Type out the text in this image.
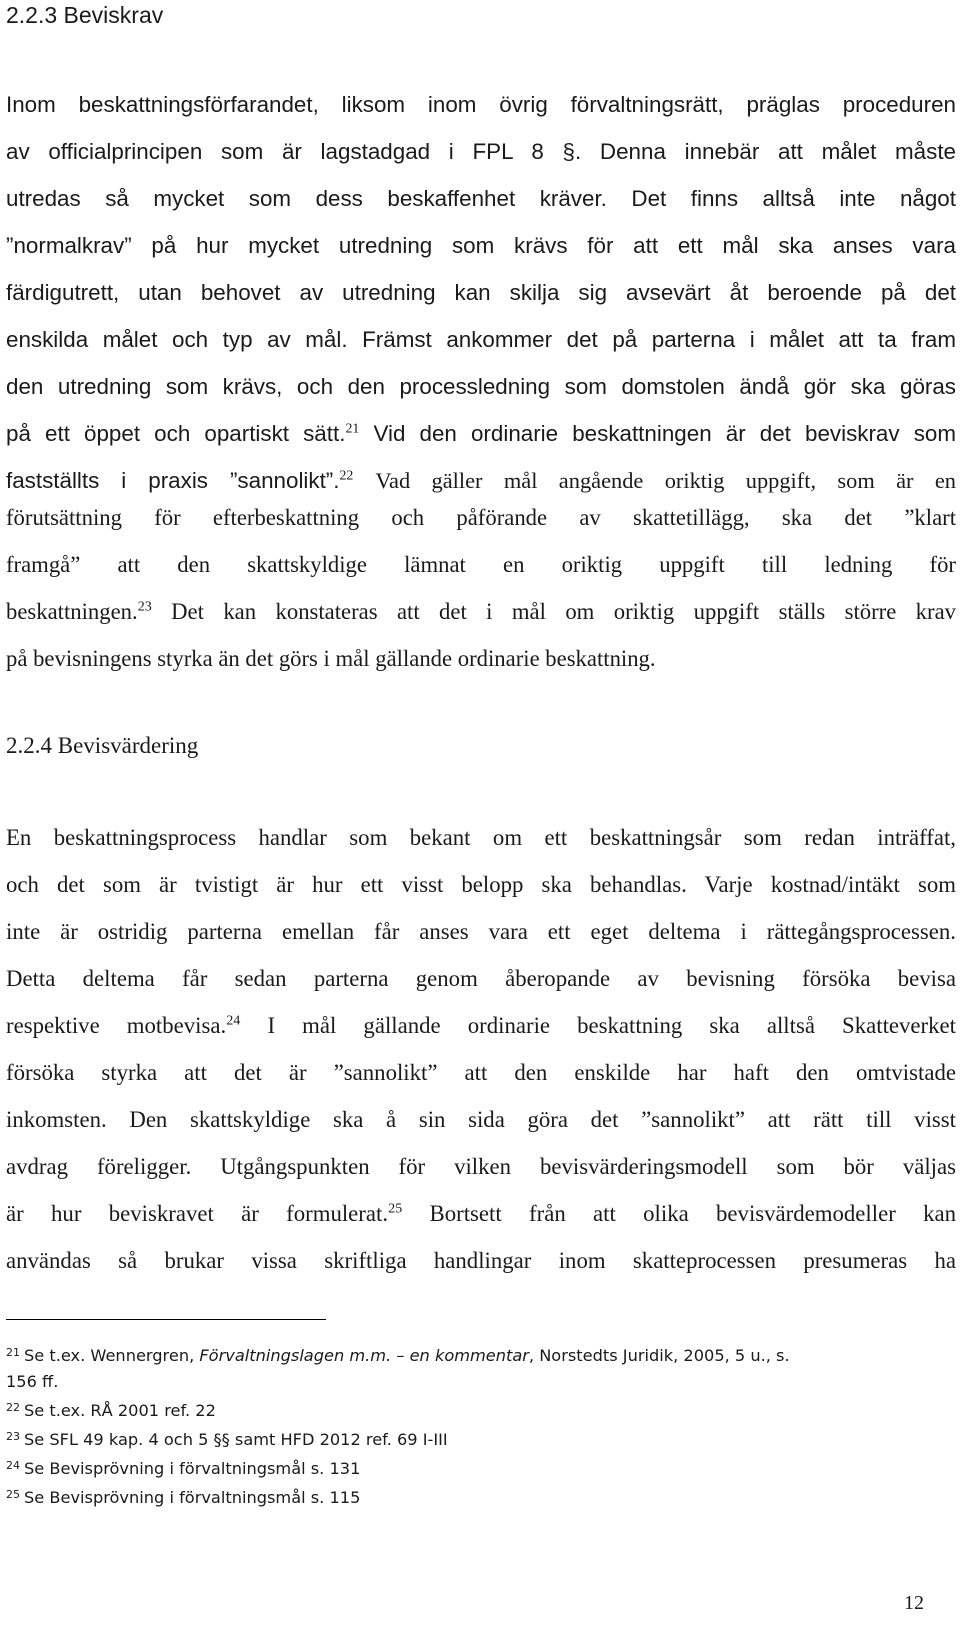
2.2.3 Beviskrav
Inom beskattningsförfarandet, liksom inom övrig förvaltningsrätt, präglas proceduren
av officialprincipen som är lagstadgad i FPL 8 §. Denna innebär att målet måste
utredas så mycket som dess beskaffenhet kräver. Det finns alltså inte något
”normalkrav” på hur mycket utredning som krävs för att ett mål ska anses vara
färdigutrett, utan behovet av utredning kan skilja sig avsevärt åt beroende på det
enskilda målet och typ av mål. Främst ankommer det på parterna i målet att ta fram
den utredning som krävs, och den processledning som domstolen ändå gör ska göras
på ett öppet och opartiskt sätt.$^{21}$ Vid den ordinarie beskattningen är det beviskrav som
fastställts i praxis ”sannolikt”.$^{22}$ Vad gäller mål angående oriktig uppgift, som är en
förutsättning för efterbeskattning och påförande av skattetillägg, ska det ”klart
framgå” att den skattskyldige lämnat en oriktig uppgift till ledning för
beskattningen.$^{23}$ Det kan konstateras att det i mål om oriktig uppgift ställs större krav
på bevisningens styrka än det görs i mål gällande ordinarie beskattning.
2.2.4 Bevisvärdering
En beskattningsprocess handlar som bekant om ett beskattningsår som redan inträffat,
och det som är tvistigt är hur ett visst belopp ska behandlas. Varje kostnad/intäkt som
inte är ostridig parterna emellan får anses vara ett eget deltema i rättegångsprocessen.
Detta deltema får sedan parterna genom åberopande av bevisning försöka bevisa
respektive motbevisa.$^{24}$ I mål gällande ordinarie beskattning ska alltså Skatteverket
försöka styrka att det är ”sannolikt” att den enskilde har haft den omtvistade
inkomsten. Den skattskyldige ska å sin sida göra det ”sannolikt” att rätt till visst
avdrag föreligger. Utgångspunkten för vilken bevisvärderingsmodell som bör väljas
är hur beviskravet är formulerat.$^{25}$ Bortsett från att olika bevisvärdemodeller kan
användas så brukar vissa skriftliga handlingar inom skatteprocessen presumeras ha
$^{21}$ Se t.ex. Wennergren, Förvaltningslagen m.m. – en kommentar, Norstedts Juridik, 2005, 5 u., s.
156 ff.
$^{22}$ Se t.ex. RÅ 2001 ref. 22
$^{23}$ Se SFL 49 kap. 4 och 5 §§ samt HFD 2012 ref. 69 I-III
$^{24}$ Se Bevisprövning i förvaltningsmål s. 131
$^{25}$ Se Bevisprövning i förvaltningsmål s. 115
12
